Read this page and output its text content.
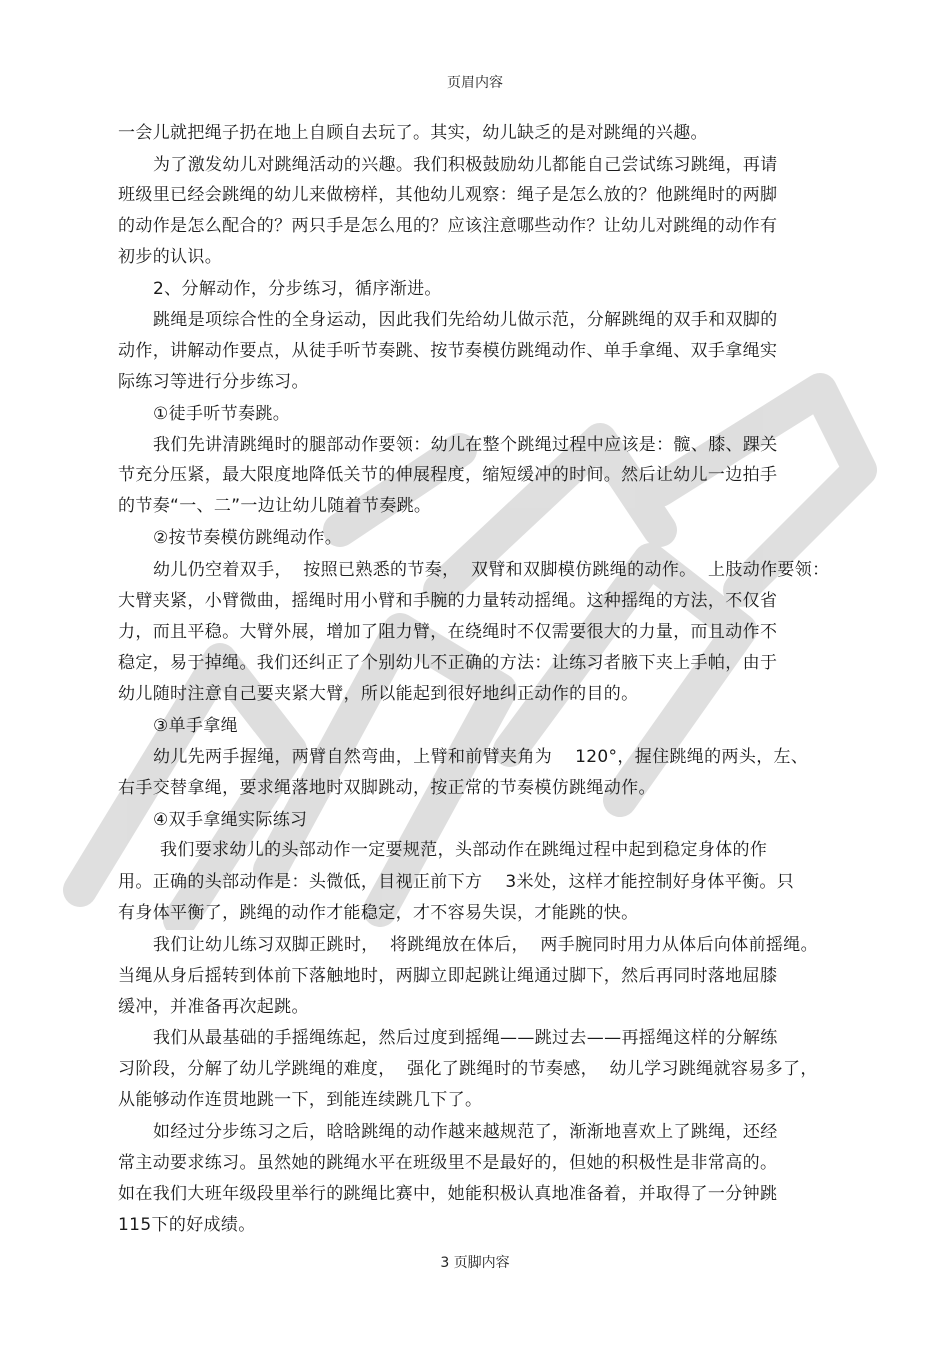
页眉内容
一会儿就把绳子扔在地上自顾自去玩了。其实，幼儿缺乏的是对跳绳的兴趣。
为了激发幼儿对跳绳活动的兴趣。我们积极鼓励幼儿都能自己尝试练习跳绳，再请
班级里已经会跳绳的幼儿来做榜样，其他幼儿观察：绳子是怎么放的？他跳绳时的两脚
的动作是怎么配合的？两只手是怎么甩的？应该注意哪些动作？让幼儿对跳绳的动作有
初步的认识。
2、分解动作，分步练习，循序渐进。
跳绳是项综合性的全身运动，因此我们先给幼儿做示范，分解跳绳的双手和双脚的
动作，讲解动作要点，从徒手听节奏跳、按节奏模仿跳绳动作、单手拿绳、双手拿绳实
际练习等进行分步练习。
①徒手听节奏跳。
我们先讲清跳绳时的腿部动作要领：幼儿在整个跳绳过程中应该是：髋、膝、踝关
节充分压紧，最大限度地降低关节的伸展程度，缩短缓冲的时间。然后让幼儿一边拍手
的节奏“一、二”一边让幼儿随着节奏跳。
②按节奏模仿跳绳动作。
幼儿仍空着双手，  按照已熟悉的节奏，  双臂和双脚模仿跳绳的动作。  上肢动作要领：
大臂夹紧，小臂微曲，摇绳时用小臂和手腕的力量转动摇绳。这种摇绳的方法，不仅省
力，而且平稳。大臂外展，增加了阻力臂，在绕绳时不仅需要很大的力量，而且动作不
稳定，易于掉绳。我们还纠正了个别幼儿不正确的方法：让练习者腋下夹上手帕，由于
幼儿随时注意自己要夹紧大臂，所以能起到很好地纠正动作的目的。
③单手拿绳
幼儿先两手握绳，两臂自然弯曲，上臂和前臂夹角为    120°，握住跳绳的两头，左、
右手交替拿绳，要求绳落地时双脚跳动，按正常的节奏模仿跳绳动作。
④双手拿绳实际练习
我们要求幼儿的头部动作一定要规范，头部动作在跳绳过程中起到稳定身体的作
用。正确的头部动作是：头微低，目视正前下方    3米处，这样才能控制好身体平衡。只
有身体平衡了，跳绳的动作才能稳定，才不容易失误，才能跳的快。
我们让幼儿练习双脚正跳时，  将跳绳放在体后，  两手腕同时用力从体后向体前摇绳。
当绳从身后摇转到体前下落触地时，两脚立即起跳让绳通过脚下，然后再同时落地屈膝
缓冲，并准备再次起跳。
我们从最基础的手摇绳练起，然后过度到摇绳——跳过去——再摇绳这样的分解练
习阶段，分解了幼儿学跳绳的难度，  强化了跳绳时的节奏感，  幼儿学习跳绳就容易多了，
从能够动作连贯地跳一下，到能连续跳几下了。
如经过分步练习之后，晗晗跳绳的动作越来越规范了，渐渐地喜欢上了跳绳，还经
常主动要求练习。虽然她的跳绳水平在班级里不是最好的，但她的积极性是非常高的。
如在我们大班年级段里举行的跳绳比赛中，她能积极认真地准备着，并取得了一分钟跳
115下的好成绩。
3 页脚内容
